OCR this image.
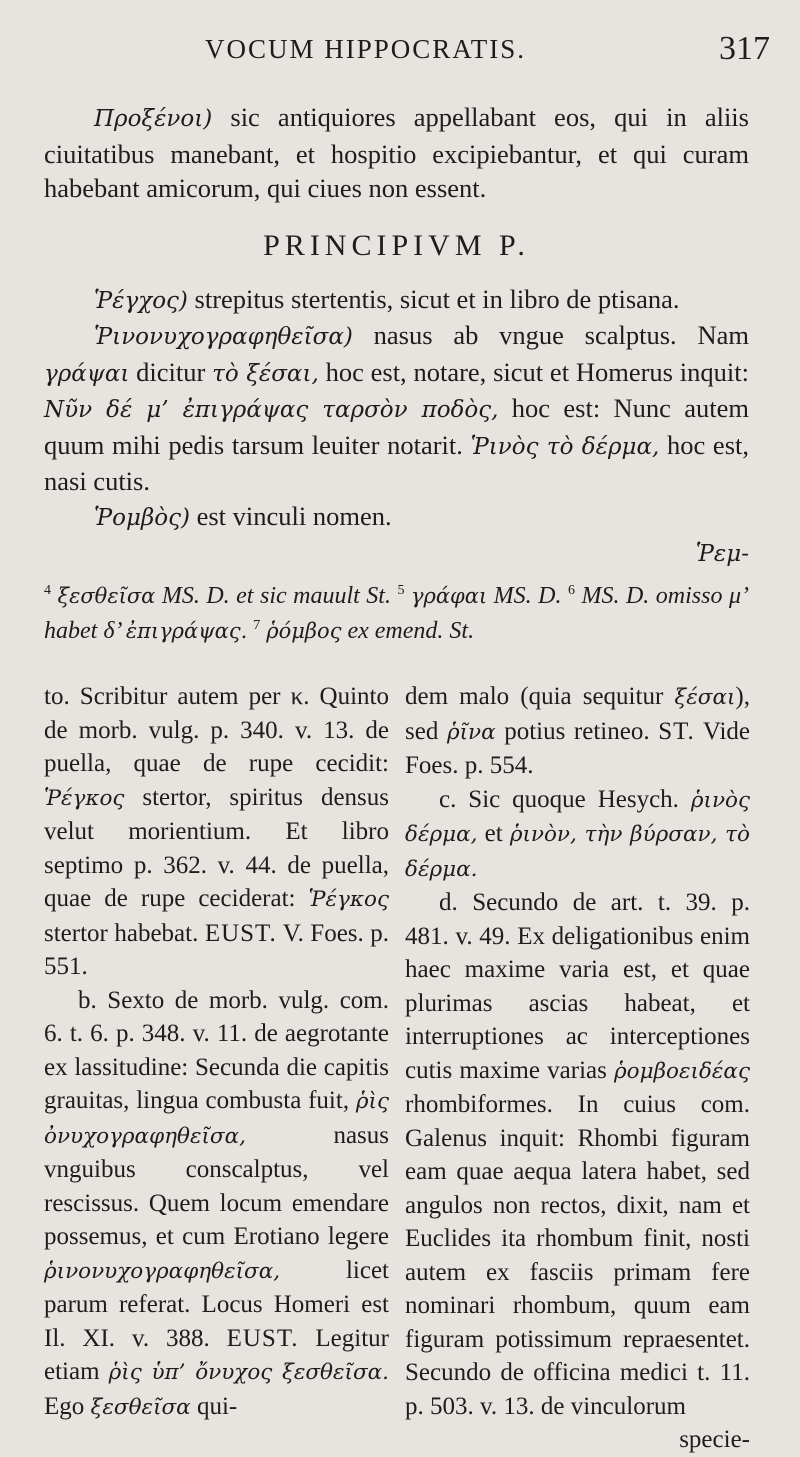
VOCUM HIPPOCRATIS.	317

Προξένοι) sic antiquiores appellabant eos, qui in aliis ciuitatibus manebant, et hospitio excipiebantur, et qui curam habebant amicorum, qui ciues non essent.

PRINCIPIVM P.

Ῥέγχος) strepitus stertentis, sicut et in libro de ptisana.

Ῥινονυχογραφηθεῖσα) nasus ab vngue scalptus. Nam γράψαι dicitur τὸ ξέσαι, hoc est, notare, sicut et Homerus inquit: Νῦν δέ μ’ ἐπιγράψας ταρσὸν ποδὸς, hoc est: Nunc autem quum mihi pedis tarsum leuiter notarit. Ῥινὸς τὸ δέρμα, hoc est, nasi cutis.

Ῥομβὸς) est vinculi nomen.

Ῥεμ-

$^4$ ξεσθεῖσα MS. D. et sic mauult St. $^5$ γράφαι MS. D. $^6$ MS. D. omisso μ’ habet δ’ ἐπιγράψας. $^7$ ῥόμβος ex emend. St.

to. Scribitur autem per κ. Quinto de morb. vulg. p. 340. v. 13. de puella, quae de rupe cecidit: Ῥέγκος stertor, spiritus densus velut morientium. Et libro septimo p. 362. v. 44. de puella, quae de rupe ceciderat: Ῥέγκος stertor habebat. EUST. V. Foes. p. 551.

b. Sexto de morb. vulg. com. 6. t. 6. p. 348. v. 11. de aegrotante ex lassitudine: Secunda die capitis grauitas, lingua combusta fuit, ῥὶς ὀνυχογραφηθεῖσα, nasus vnguibus conscalptus, vel rescissus. Quem locum emendare possemus, et cum Erotiano legere ῥινονυχογραφηθεῖσα, licet parum referat. Locus Homeri est Il. XI. v. 388. EUST. Legitur etiam ῥὶς ὑπ’ ὄνυχος ξεσθεῖσα. Ego ξεσθεῖσα qui-

dem malo (quia sequitur ξέσαι), sed ῥῖνα potius retineo. ST. Vide Foes. p. 554.

c. Sic quoque Hesych. ῥινὸς δέρμα, et ῥινὸν, τὴν βύρσαν, τὸ δέρμα.

d. Secundo de art. t. 39. p. 481. v. 49. Ex deligationibus enim haec maxime varia est, et quae plurimas ascias habeat, et interruptiones ac interceptiones cutis maxime varias ῥομβοειδέας rhombiformes. In cuius com. Galenus inquit: Rhombi figuram eam quae aequa latera habet, sed angulos non rectos, dixit, nam et Euclides ita rhombum finit, nosti autem ex fasciis primam fere nominari rhombum, quum eam figuram potissimum repraesentet. Secundo de officina medici t. 11. p. 503. v. 13. de vinculorum

specie-
